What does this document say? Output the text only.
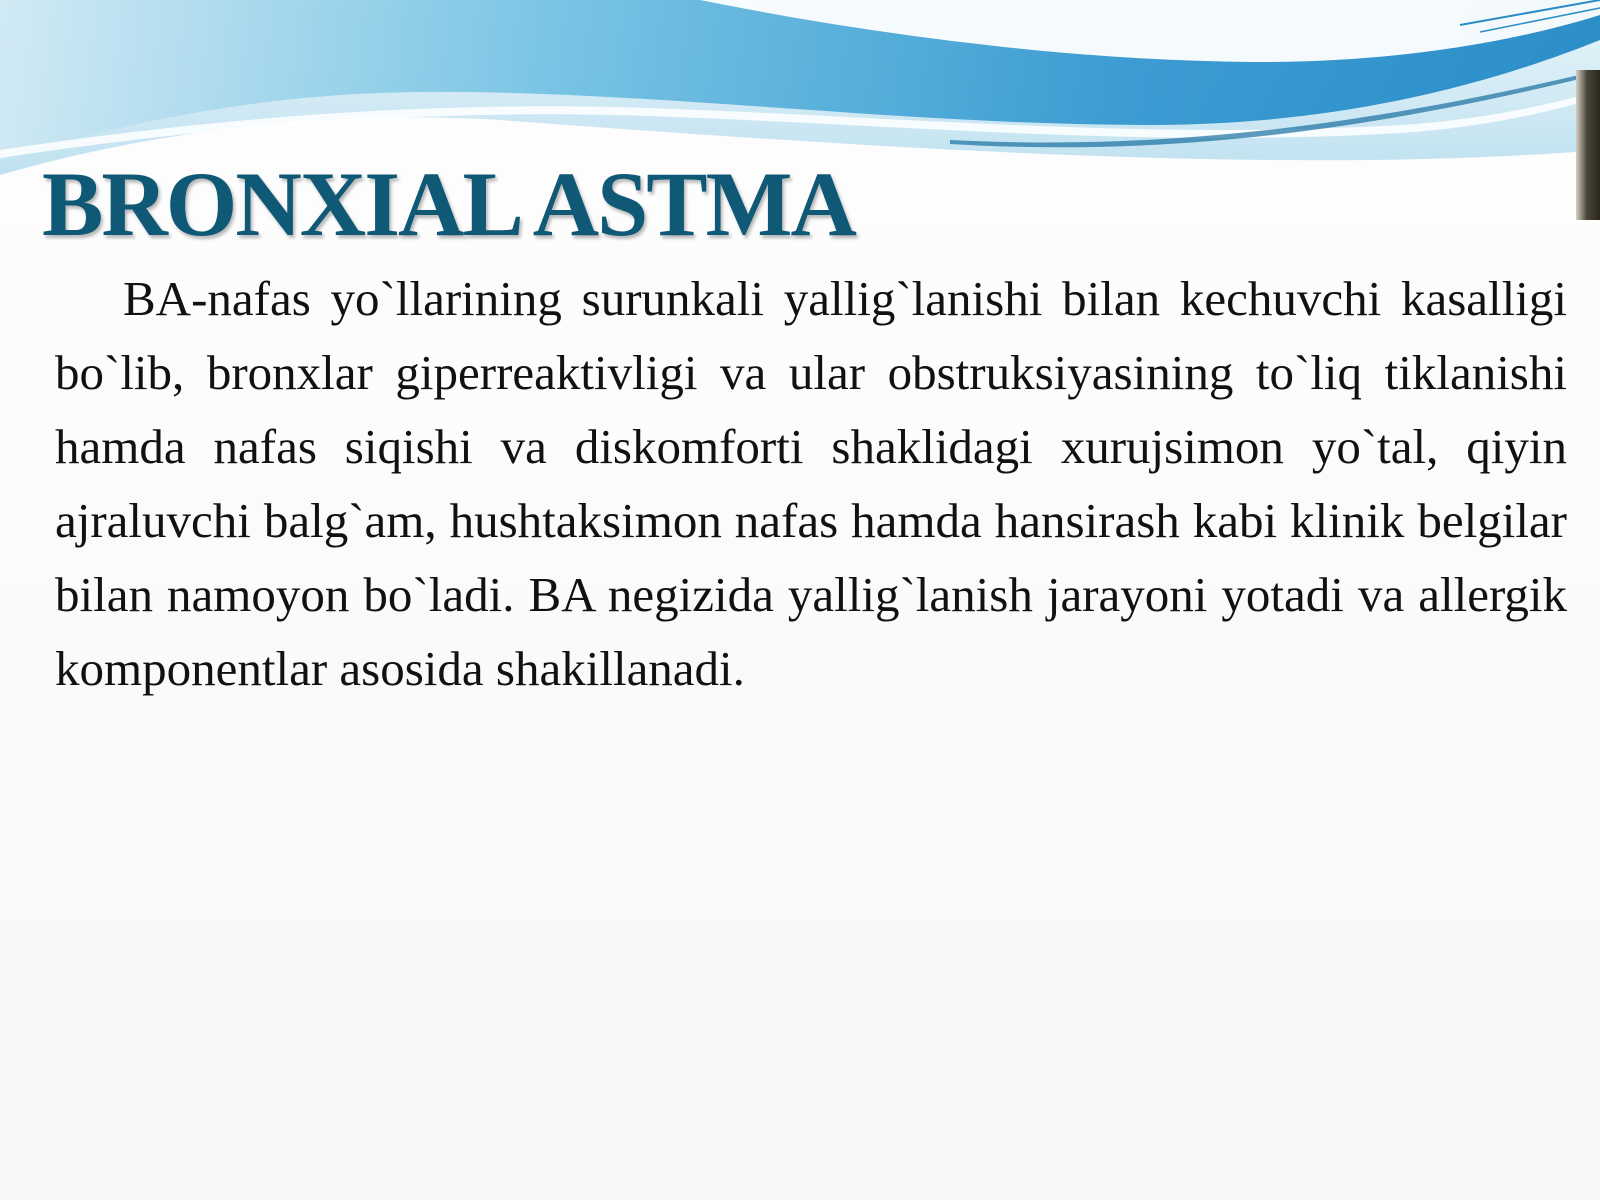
BRONXIAL ASTMA

BA-nafas yo`llarining surunkali yallig`lanishi bilan kechuvchi kasalligi bo`lib, bronxlar giperreaktivligi va ular obstruksiyasining to`liq tiklanishi hamda nafas siqishi va diskomforti shaklidagi xurujsimon yo`tal, qiyin ajraluvchi balg`am, hushtaksimon nafas hamda hansirash kabi klinik belgilar bilan namoyon bo`ladi. BA negizida yallig`lanish jarayoni yotadi va allergik komponentlar asosida shakillanadi.
